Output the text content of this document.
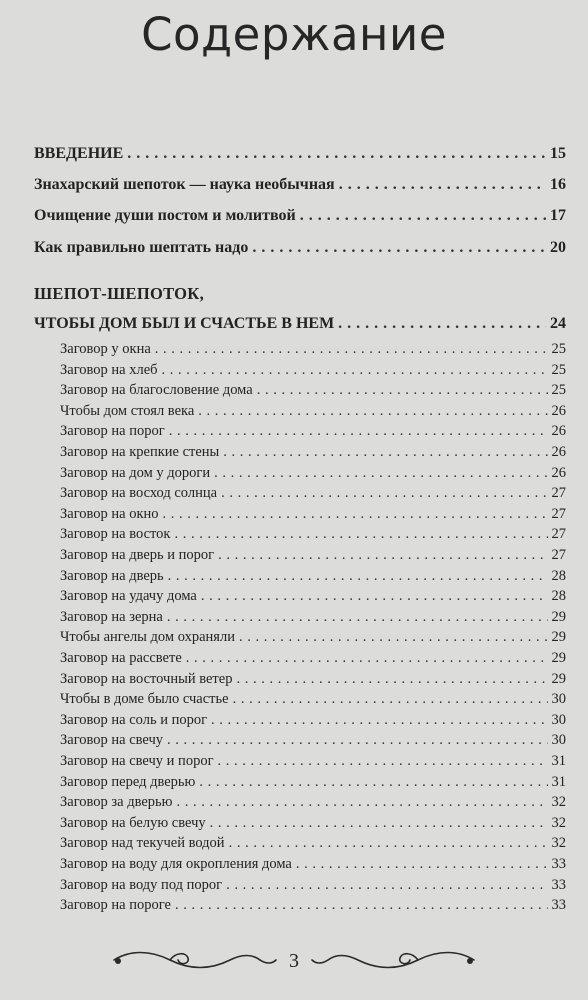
Содержание
ШЕПОТ-ШЕПОТОК,
ЧТОБЫ ДОМ БЫЛ И СЧАСТЬЕ В НЕМ . . .	24
ВВЕДЕНИЕ . . .	15
Знахарский шепоток — наука необычная . . .	16
Очищение души постом и молитвой . . .	17
Как правильно шептать надо . . .	20
Заговор у окна . . .	25
Заговор на хлеб . . .	25
Заговор на благословение дома . . .	25
Чтобы дом стоял века . . .	26
Заговор на порог . . .	26
Заговор на крепкие стены . . .	26
Заговор на дом у дороги . . .	26
Заговор на восход солнца . . .	27
Заговор на окно . . .	27
Заговор на восток . . .	27
Заговор на дверь и порог . . .	27
Заговор на дверь . . .	28
Заговор на удачу дома . . .	28
Заговор на зерна . . .	29
Чтобы ангелы дом охраняли . . .	29
Заговор на рассвете . . .	29
Заговор на восточный ветер . . .	29
Чтобы в доме было счастье . . .	30
Заговор на соль и порог . . .	30
Заговор на свечу . . .	30
Заговор на свечу и порог . . .	31
Заговор перед дверью . . .	31
Заговор за дверью . . .	32
Заговор на белую свечу . . .	32
Заговор над текучей водой . . .	32
Заговор на воду для окропления дома . . .	33
Заговор на воду под порог . . .	33
Заговор на пороге . . .	33
3
